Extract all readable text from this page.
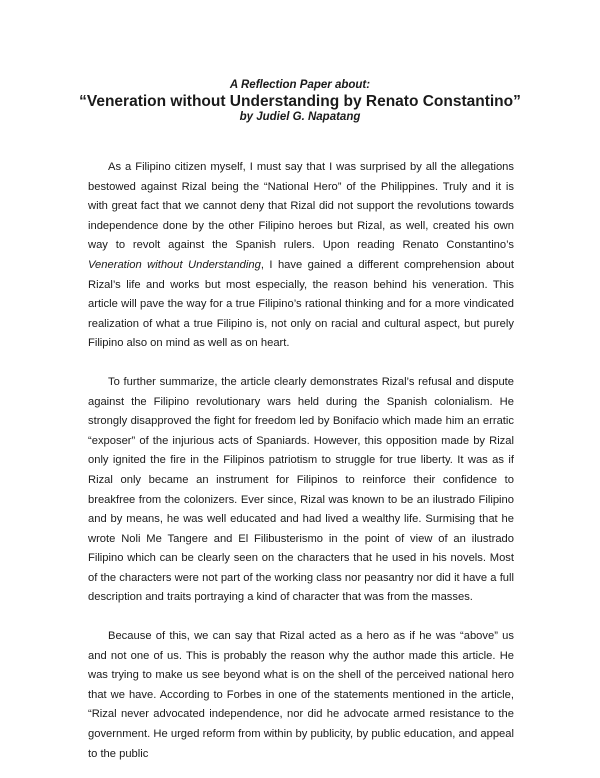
A Reflection Paper about:

“Veneration without Understanding by Renato Constantino”

by Judiel G. Napatang

As a Filipino citizen myself, I must say that I was surprised by all the allegations bestowed against Rizal being the “National Hero” of the Philippines. Truly and it is with great fact that we cannot deny that Rizal did not support the revolutions towards independence done by the other Filipino heroes but Rizal, as well, created his own way to revolt against the Spanish rulers. Upon reading Renato Constantino’s Veneration without Understanding, I have gained a different comprehension about Rizal’s life and works but most especially, the reason behind his veneration. This article will pave the way for a true Filipino’s rational thinking and for a more vindicated realization of what a true Filipino is, not only on racial and cultural aspect, but purely Filipino also on mind as well as on heart.

To further summarize, the article clearly demonstrates Rizal’s refusal and dispute against the Filipino revolutionary wars held during the Spanish colonialism. He strongly disapproved the fight for freedom led by Bonifacio which made him an erratic “exposer” of the injurious acts of Spaniards. However, this opposition made by Rizal only ignited the fire in the Filipinos patriotism to struggle for true liberty. It was as if Rizal only became an instrument for Filipinos to reinforce their confidence to breakfree from the colonizers. Ever since, Rizal was known to be an ilustrado Filipino and by means, he was well educated and had lived a wealthy life. Surmising that he wrote Noli Me Tangere and El Filibusterismo in the point of view of an ilustrado Filipino which can be clearly seen on the characters that he used in his novels. Most of the characters were not part of the working class nor peasantry nor did it have a full description and traits portraying a kind of character that was from the masses.

Because of this, we can say that Rizal acted as a hero as if he was “above” us and not one of us. This is probably the reason why the author made this article. He was trying to make us see beyond what is on the shell of the perceived national hero that we have. According to Forbes in one of the statements mentioned in the article, “Rizal never advocated independence, nor did he advocate armed resistance to the government. He urged reform from within by publicity, by public education, and appeal to the public
